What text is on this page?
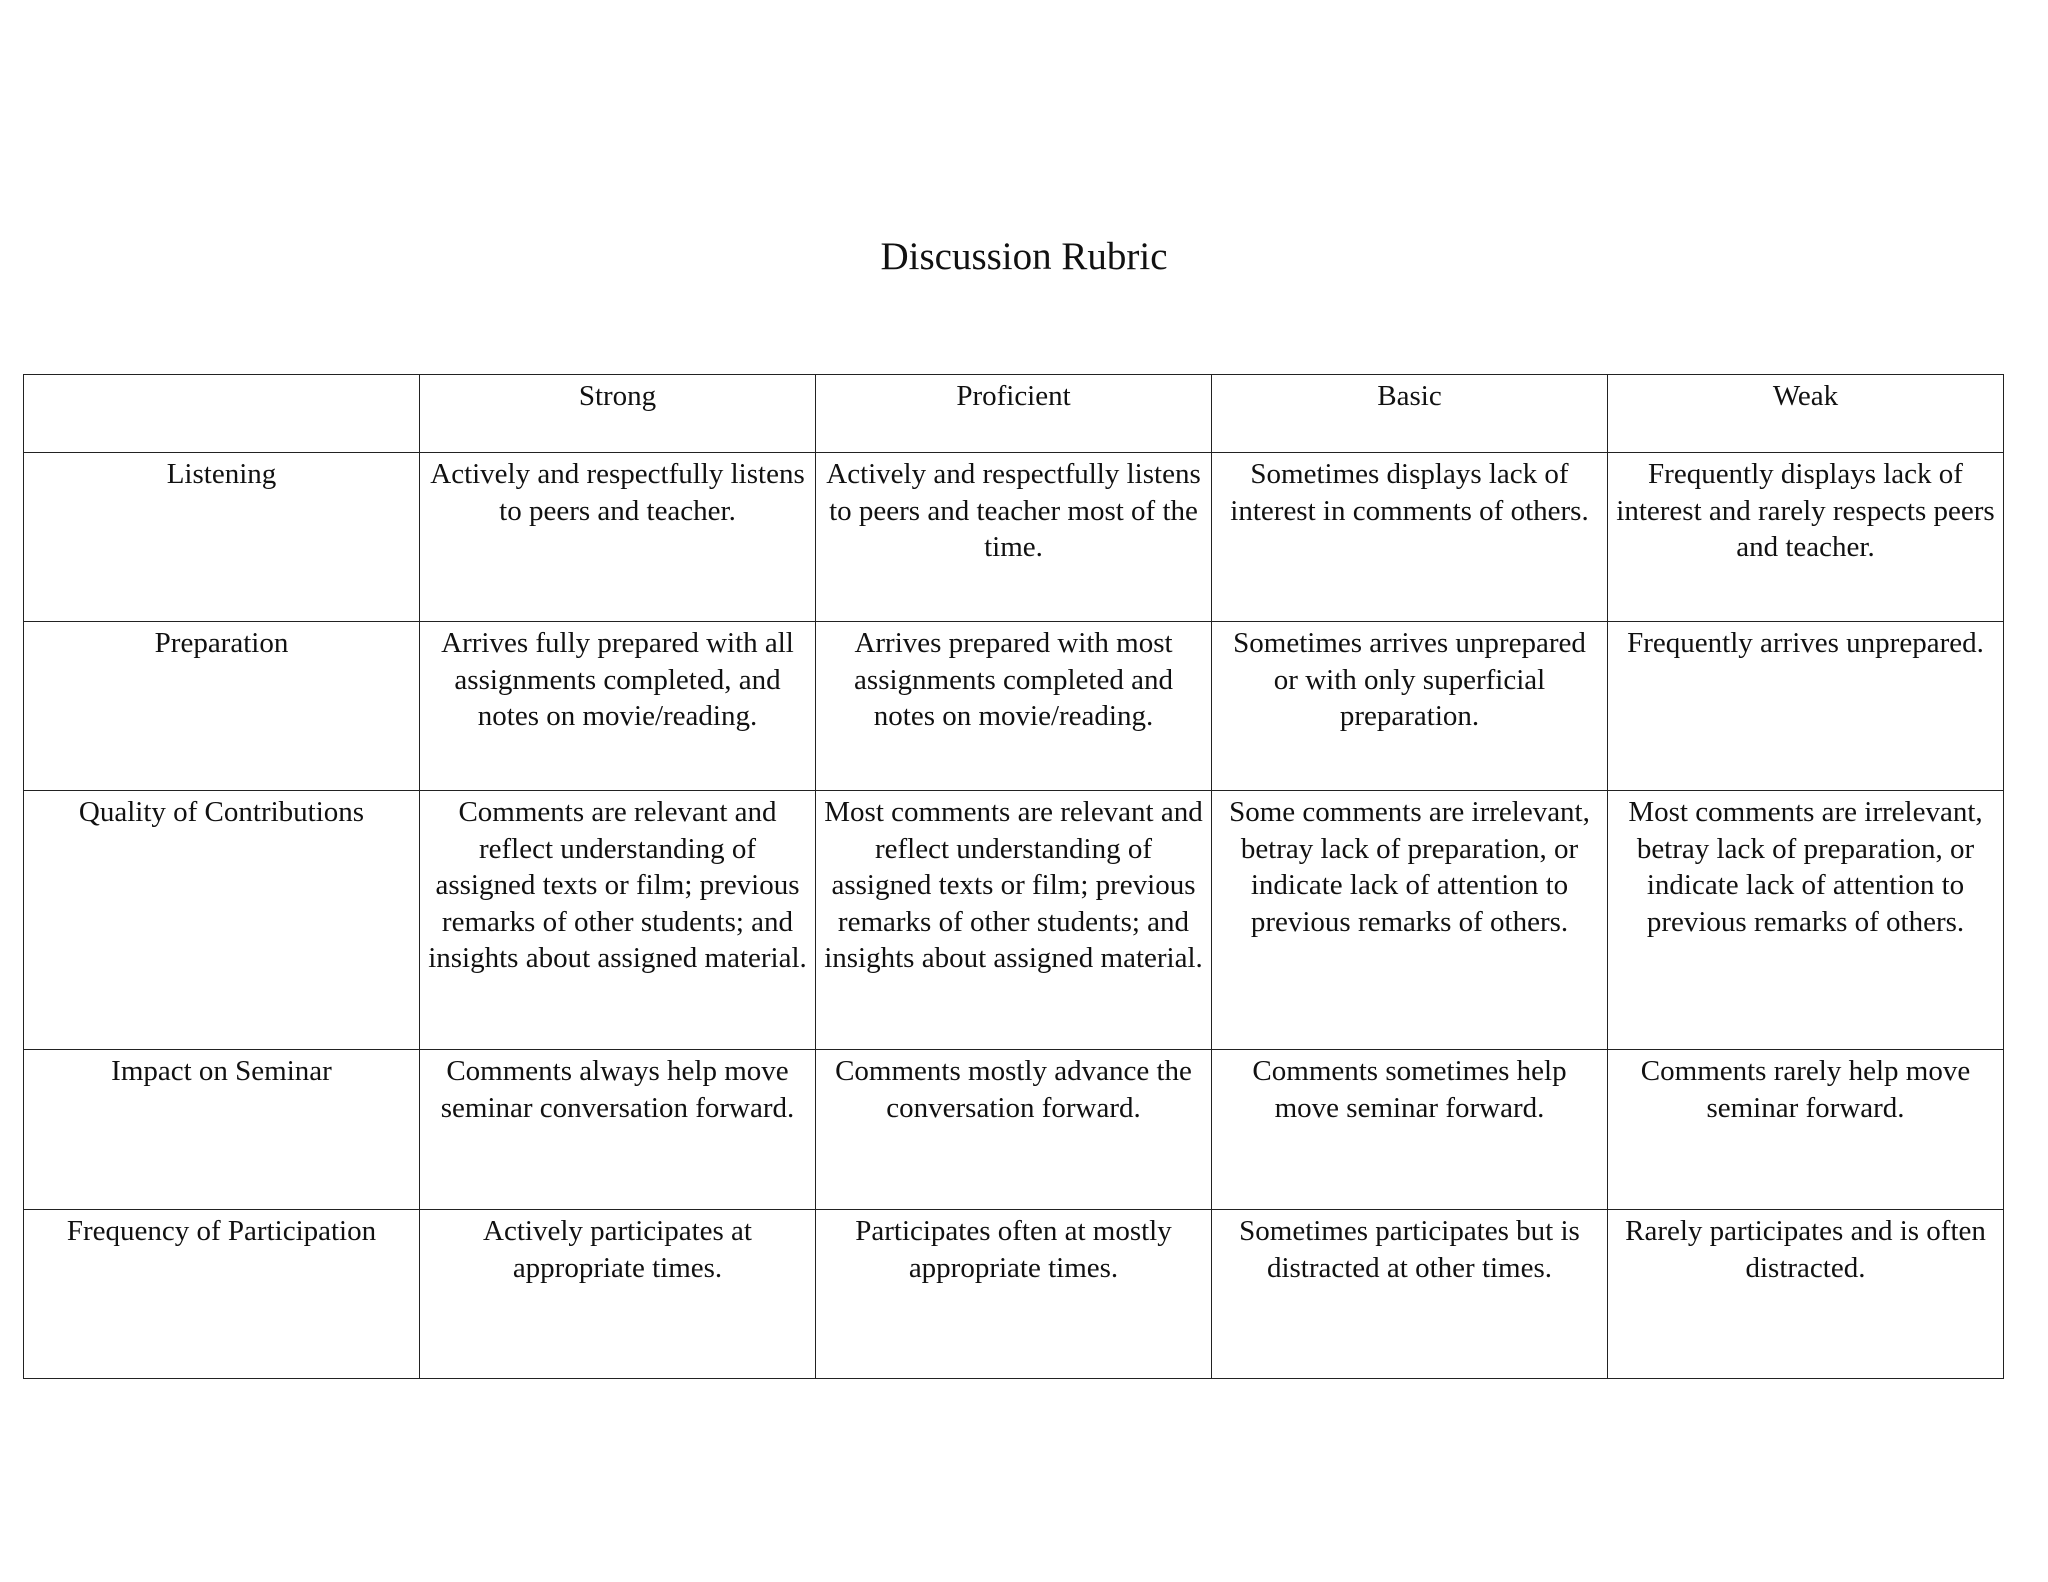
Discussion Rubric
	Strong	Proficient	Basic	Weak
Listening	Actively and respectfully listens to peers and teacher.	Actively and respectfully listens to peers and teacher most of the time.	Sometimes displays lack of interest in comments of others.	Frequently displays lack of interest and rarely respects peers and teacher.
Preparation	Arrives fully prepared with all assignments completed, and notes on movie/reading.	Arrives prepared with most assignments completed and notes on movie/reading.	Sometimes arrives unprepared or with only superficial preparation.	Frequently arrives unprepared.
Quality of Contributions	Comments are relevant and reflect understanding of assigned texts or film; previous remarks of other students; and insights about assigned material.	Most comments are relevant and reflect understanding of assigned texts or film; previous remarks of other students; and insights about assigned material.	Some comments are irrelevant, betray lack of preparation, or indicate lack of attention to previous remarks of others.	Most comments are irrelevant, betray lack of preparation, or indicate lack of attention to previous remarks of others.
Impact on Seminar	Comments always help move seminar conversation forward.	Comments mostly advance the conversation forward.	Comments sometimes help move seminar forward.	Comments rarely help move seminar forward.
Frequency of Participation	Actively participates at appropriate times.	Participates often at mostly appropriate times.	Sometimes participates but is distracted at other times.	Rarely participates and is often distracted.
